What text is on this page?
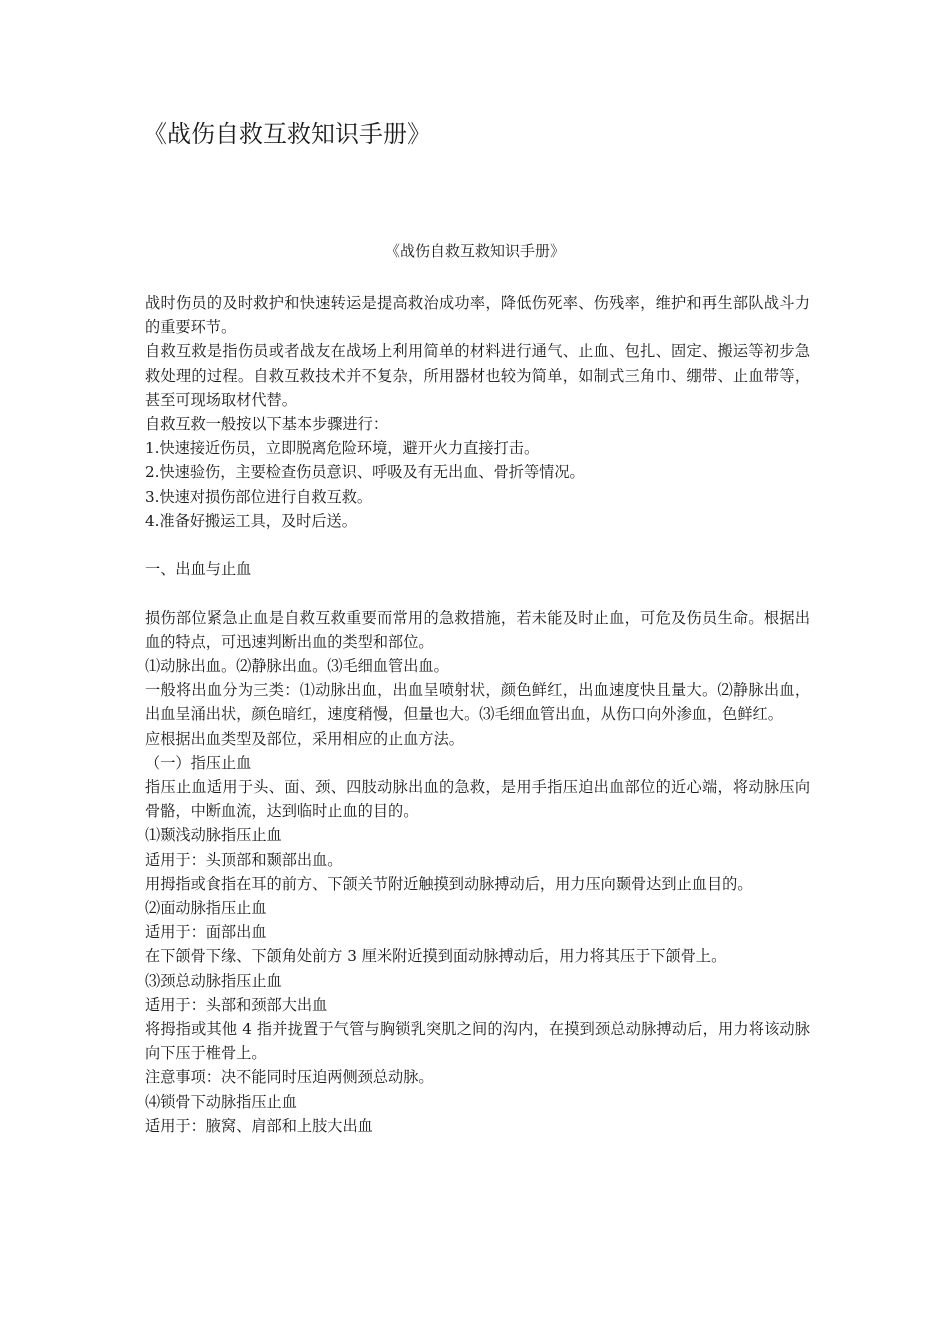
《战伤自救互救知识手册》
《战伤自救互救知识手册》

战时伤员的及时救护和快速转运是提高救治成功率，降低伤死率、伤残率，维护和再生部队战斗力的重要环节。

自救互救是指伤员或者战友在战场上利用简单的材料进行通气、止血、包扎、固定、搬运等初步急救处理的过程。自救互救技术并不复杂，所用器材也较为简单，如制式三角巾、绷带、止血带等，甚至可现场取材代替。

自救互救一般按以下基本步骤进行：

1.快速接近伤员，立即脱离危险环境，避开火力直接打击。

2.快速验伤，主要检查伤员意识、呼吸及有无出血、骨折等情况。

3.快速对损伤部位进行自救互救。

4.准备好搬运工具，及时后送。

一、出血与止血

损伤部位紧急止血是自救互救重要而常用的急救措施，若未能及时止血，可危及伤员生命。根据出血的特点，可迅速判断出血的类型和部位。

⑴动脉出血。⑵静脉出血。⑶毛细血管出血。

一般将出血分为三类：⑴动脉出血，出血呈喷射状，颜色鲜红，出血速度快且量大。⑵静脉出血，出血呈涌出状，颜色暗红，速度稍慢，但量也大。⑶毛细血管出血，从伤口向外渗血，色鲜红。

应根据出血类型及部位，采用相应的止血方法。

（一）指压止血

指压止血适用于头、面、颈、四肢动脉出血的急救，是用手指压迫出血部位的近心端，将动脉压向骨骼，中断血流，达到临时止血的目的。

⑴颞浅动脉指压止血

适用于：头顶部和颞部出血。

用拇指或食指在耳的前方、下颌关节附近触摸到动脉搏动后，用力压向颞骨达到止血目的。

⑵面动脉指压止血

适用于：面部出血

在下颌骨下缘、下颌角处前方 3 厘米附近摸到面动脉搏动后，用力将其压于下颌骨上。

⑶颈总动脉指压止血

适用于：头部和颈部大出血

将拇指或其他 4 指并拢置于气管与胸锁乳突肌之间的沟内，在摸到颈总动脉搏动后，用力将该动脉向下压于椎骨上。

注意事项：决不能同时压迫两侧颈总动脉。

⑷锁骨下动脉指压止血

适用于：腋窝、肩部和上肢大出血
